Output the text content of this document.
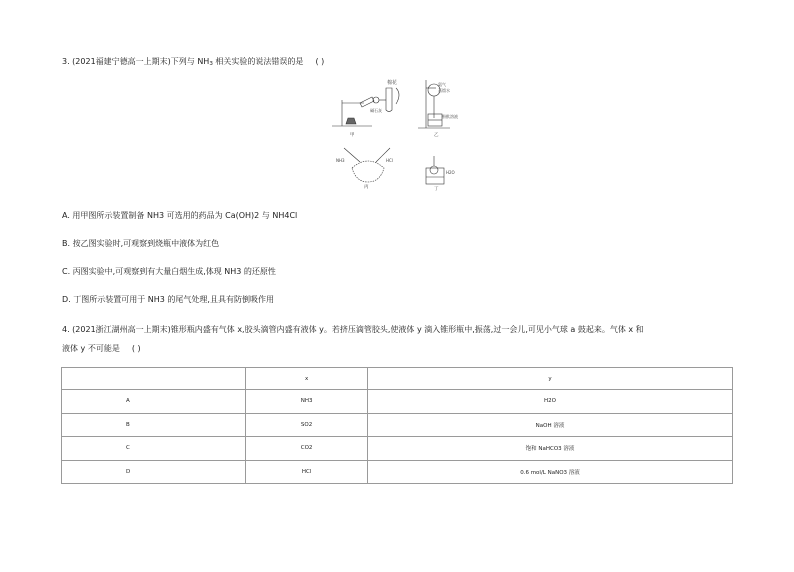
3. (2021福建宁德高一上期末)下列与 $NH_3$ 相关实验的说法错误的是 ( )
棉花
碱石灰
甲
氨气
蒸馏水
酚酞溶液
乙
NH3	HCl
丙
H2O
丁
A. 用甲图所示装置制备 NH3 可选用的药品为 Ca(OH)2 与 NH4Cl
B. 按乙图实验时,可观察到烧瓶中液体为红色
C. 丙图实验中,可观察到有大量白烟生成,体现 NH3 的还原性
D. 丁图所示装置可用于 NH3 的尾气处理,且具有防倒吸作用
4. (2021浙江湖州高一上期末)锥形瓶内盛有气体 x,胶头滴管内盛有液体 y。若挤压滴管胶头,使液体 y 滴入锥形瓶中,振荡,过一会儿,可见小气球 a 鼓起来。气体 x 和
液体 y 不可能是 ( )
	x	y
A	NH3	H2O
B	SO2	NaOH 溶液
C	CO2	饱和 NaHCO3 溶液
D	HCl	0.6 mol/L NaNO3 溶液
